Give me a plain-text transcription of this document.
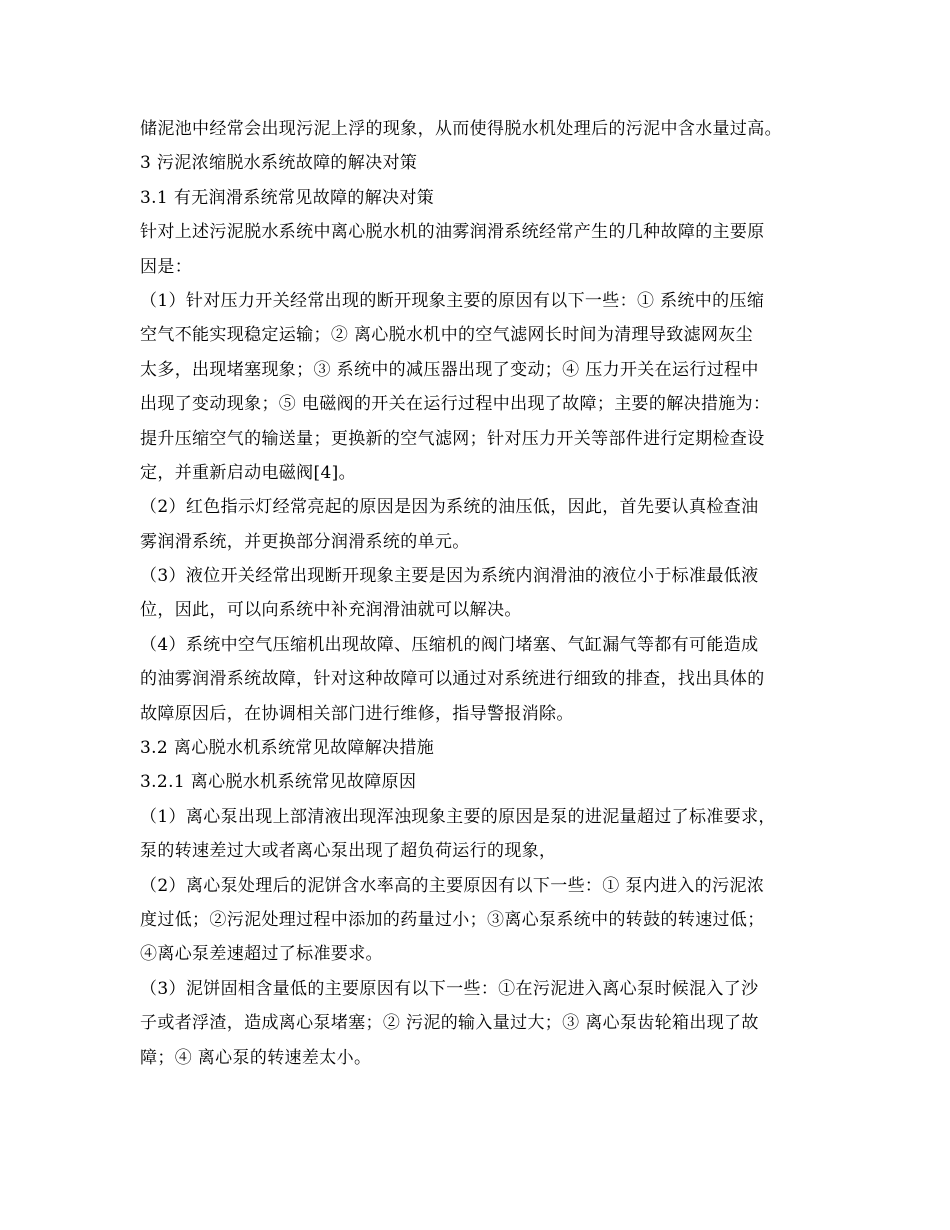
储泥池中经常会出现污泥上浮的现象，从而使得脱水机处理后的污泥中含水量过高。
3 污泥浓缩脱水系统故障的解决对策
3.1 有无润滑系统常见故障的解决对策
针对上述污泥脱水系统中离心脱水机的油雾润滑系统经常产生的几种故障的主要原
因是：
（1）针对压力开关经常出现的断开现象主要的原因有以下一些：① 系统中的压缩
空气不能实现稳定运输；② 离心脱水机中的空气滤网长时间为清理导致滤网灰尘
太多，出现堵塞现象；③ 系统中的减压器出现了变动；④ 压力开关在运行过程中
出现了变动现象；⑤ 电磁阀的开关在运行过程中出现了故障；主要的解决措施为：
提升压缩空气的输送量；更换新的空气滤网；针对压力开关等部件进行定期检查设
定，并重新启动电磁阀[4]。
（2）红色指示灯经常亮起的原因是因为系统的油压低，因此，首先要认真检查油
雾润滑系统，并更换部分润滑系统的单元。
（3）液位开关经常出现断开现象主要是因为系统内润滑油的液位小于标准最低液
位，因此，可以向系统中补充润滑油就可以解决。
（4）系统中空气压缩机出现故障、压缩机的阀门堵塞、气缸漏气等都有可能造成
的油雾润滑系统故障，针对这种故障可以通过对系统进行细致的排查，找出具体的
故障原因后，在协调相关部门进行维修，指导警报消除。
3.2 离心脱水机系统常见故障解决措施
3.2.1 离心脱水机系统常见故障原因
（1）离心泵出现上部清液出现浑浊现象主要的原因是泵的进泥量超过了标准要求，
泵的转速差过大或者离心泵出现了超负荷运行的现象，
（2）离心泵处理后的泥饼含水率高的主要原因有以下一些：① 泵内进入的污泥浓
度过低；②污泥处理过程中添加的药量过小；③离心泵系统中的转鼓的转速过低；
④离心泵差速超过了标准要求。
（3）泥饼固相含量低的主要原因有以下一些：①在污泥进入离心泵时候混入了沙
子或者浮渣，造成离心泵堵塞；② 污泥的输入量过大；③ 离心泵齿轮箱出现了故
障；④ 离心泵的转速差太小。
